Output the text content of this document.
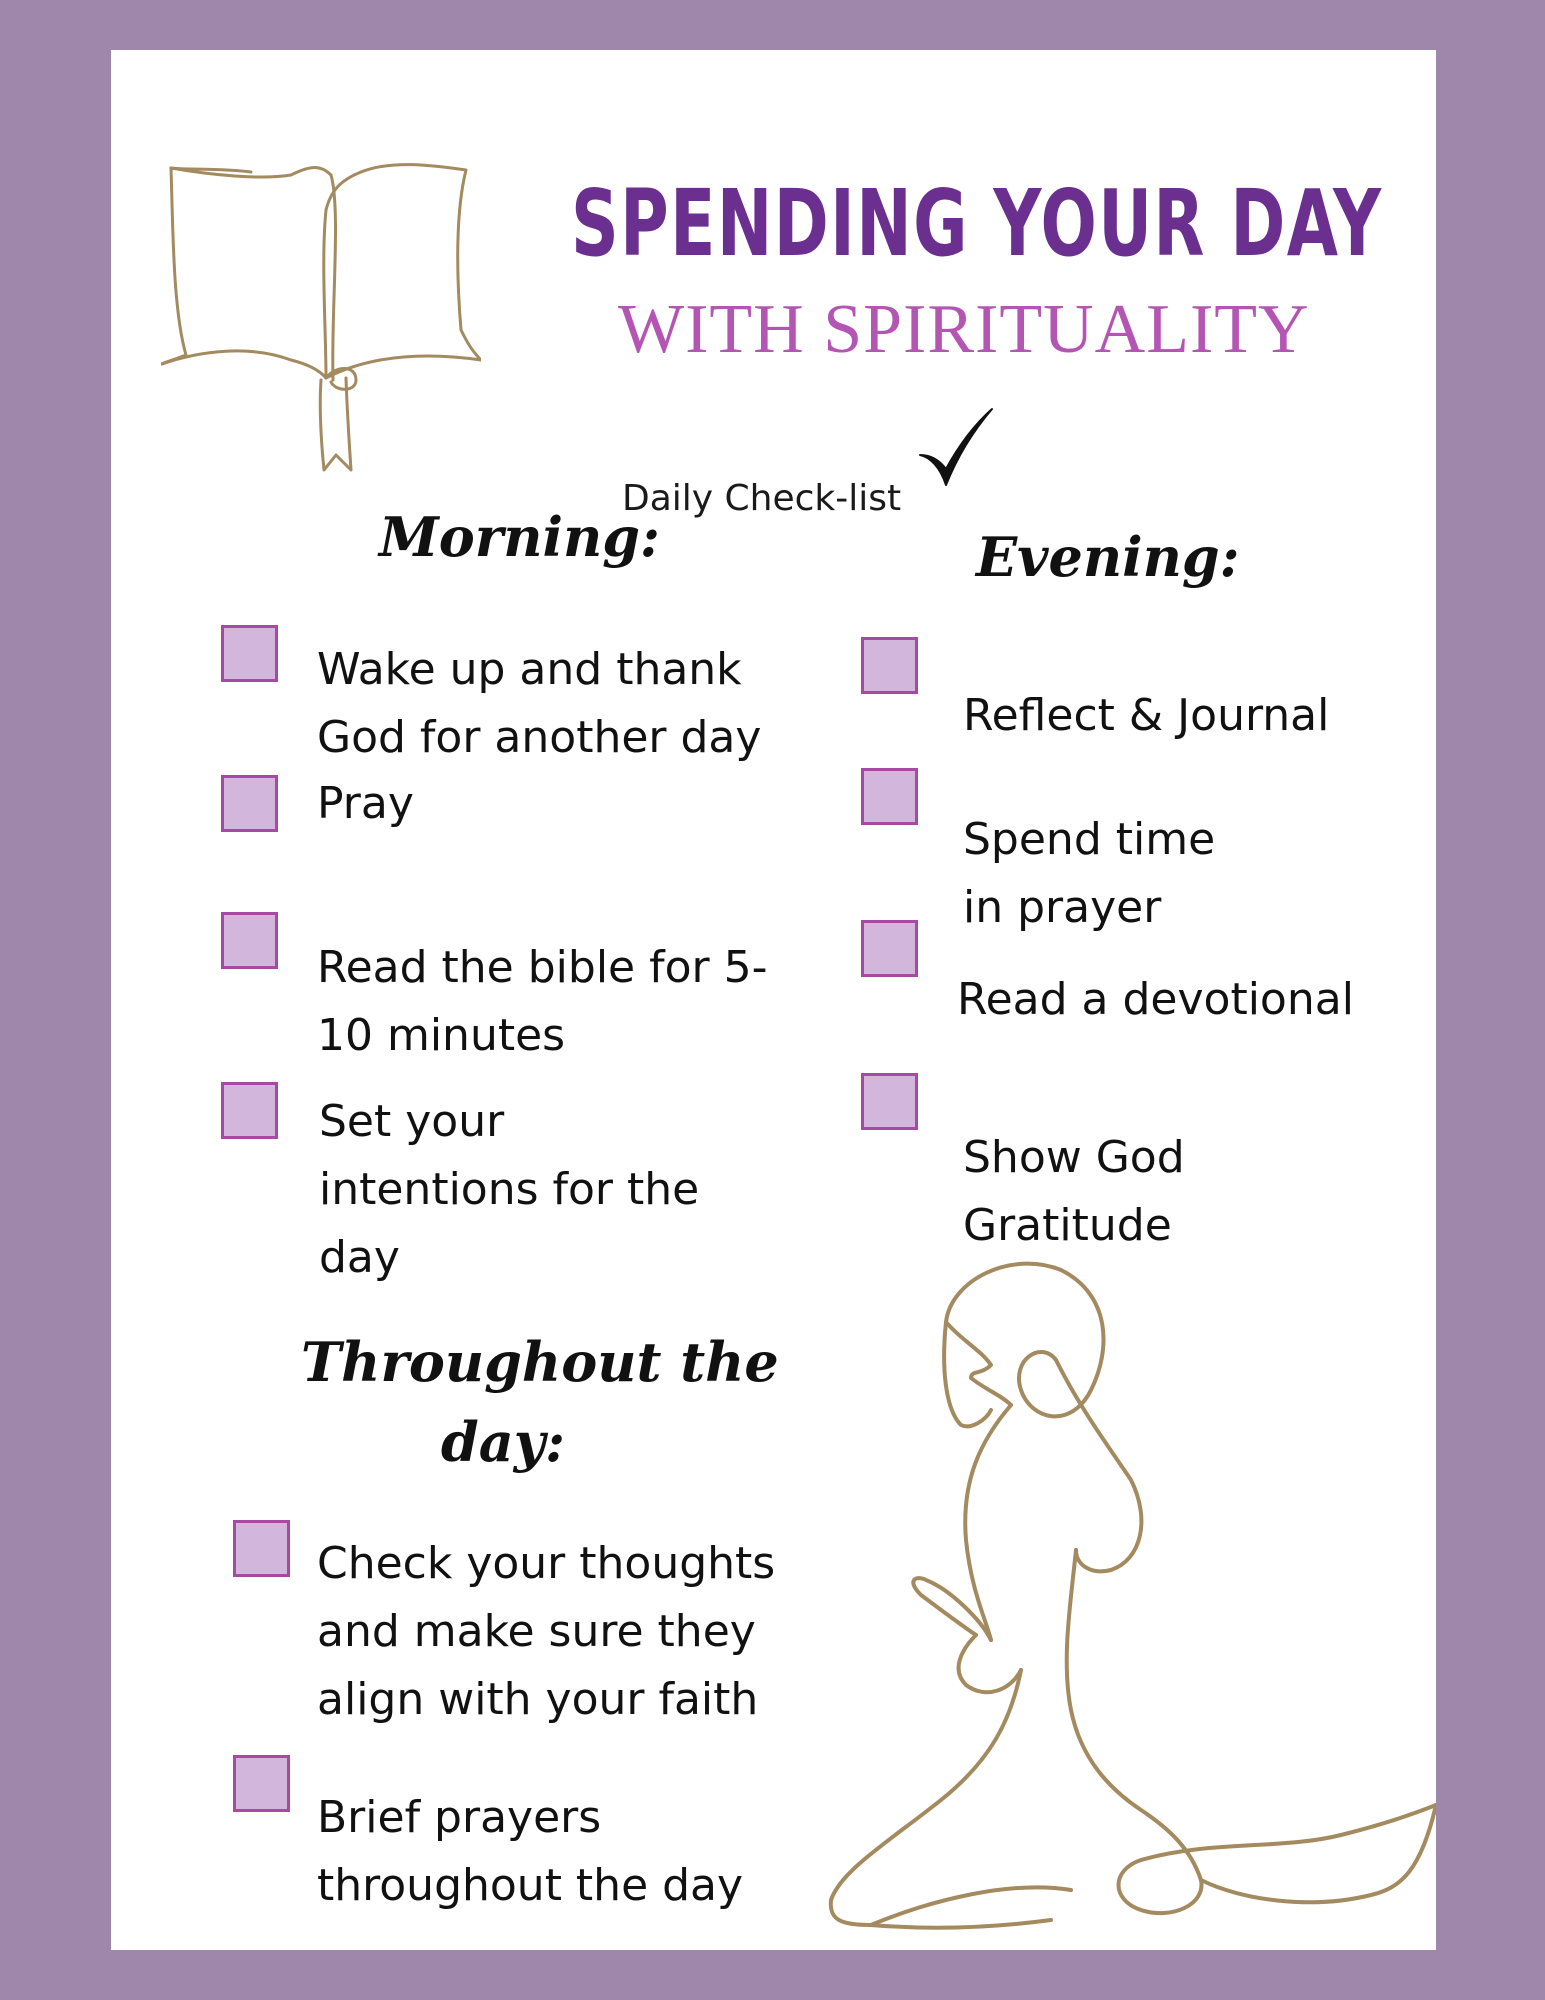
SPENDING YOUR DAY
WITH SPIRITUALITY
Daily Check-list
Morning:
Wake up and thank
God for another day
Pray
Read the bible for 5-
10 minutes
Set your
intentions for the
day
Evening:
Reflect & Journal
Spend time
in prayer
Read a devotional
Show God
Gratitude
Throughout the
day:
Check your thoughts
and make sure they
align with your faith
Brief prayers
throughout the day
